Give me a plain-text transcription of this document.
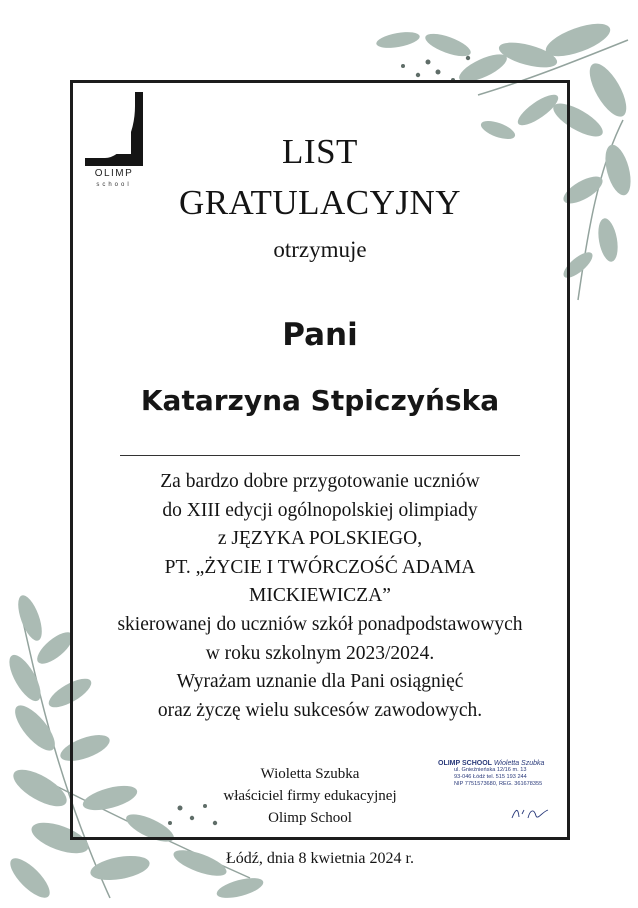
OLIMP
school
LIST
GRATULACYJNY
otrzymuje
Pani
Katarzyna Stpiczyńska
Za bardzo dobre przygotowanie uczniów
do XIII edycji ogólnopolskiej olimpiady
z JĘZYKA POLSKIEGO,
PT. „ŻYCIE I TWÓRCZOŚĆ ADAMA
MICKIEWICZA”
skierowanej do uczniów szkół ponadpodstawowych
w roku szkolnym 2023/2024.
Wyrażam uznanie dla Pani osiągnięć
oraz życzę wielu sukcesów zawodowych.
Wioletta Szubka
właściciel firmy edukacyjnej
Olimp School
OLIMP SCHOOL Wioletta Szubka
ul. Gnieźnieńska 12/16 m. 13
93-046 Łódź tel. 515 193 244
NIP 7751573680, REG. 361678355
Łódź, dnia 8 kwietnia 2024 r.
